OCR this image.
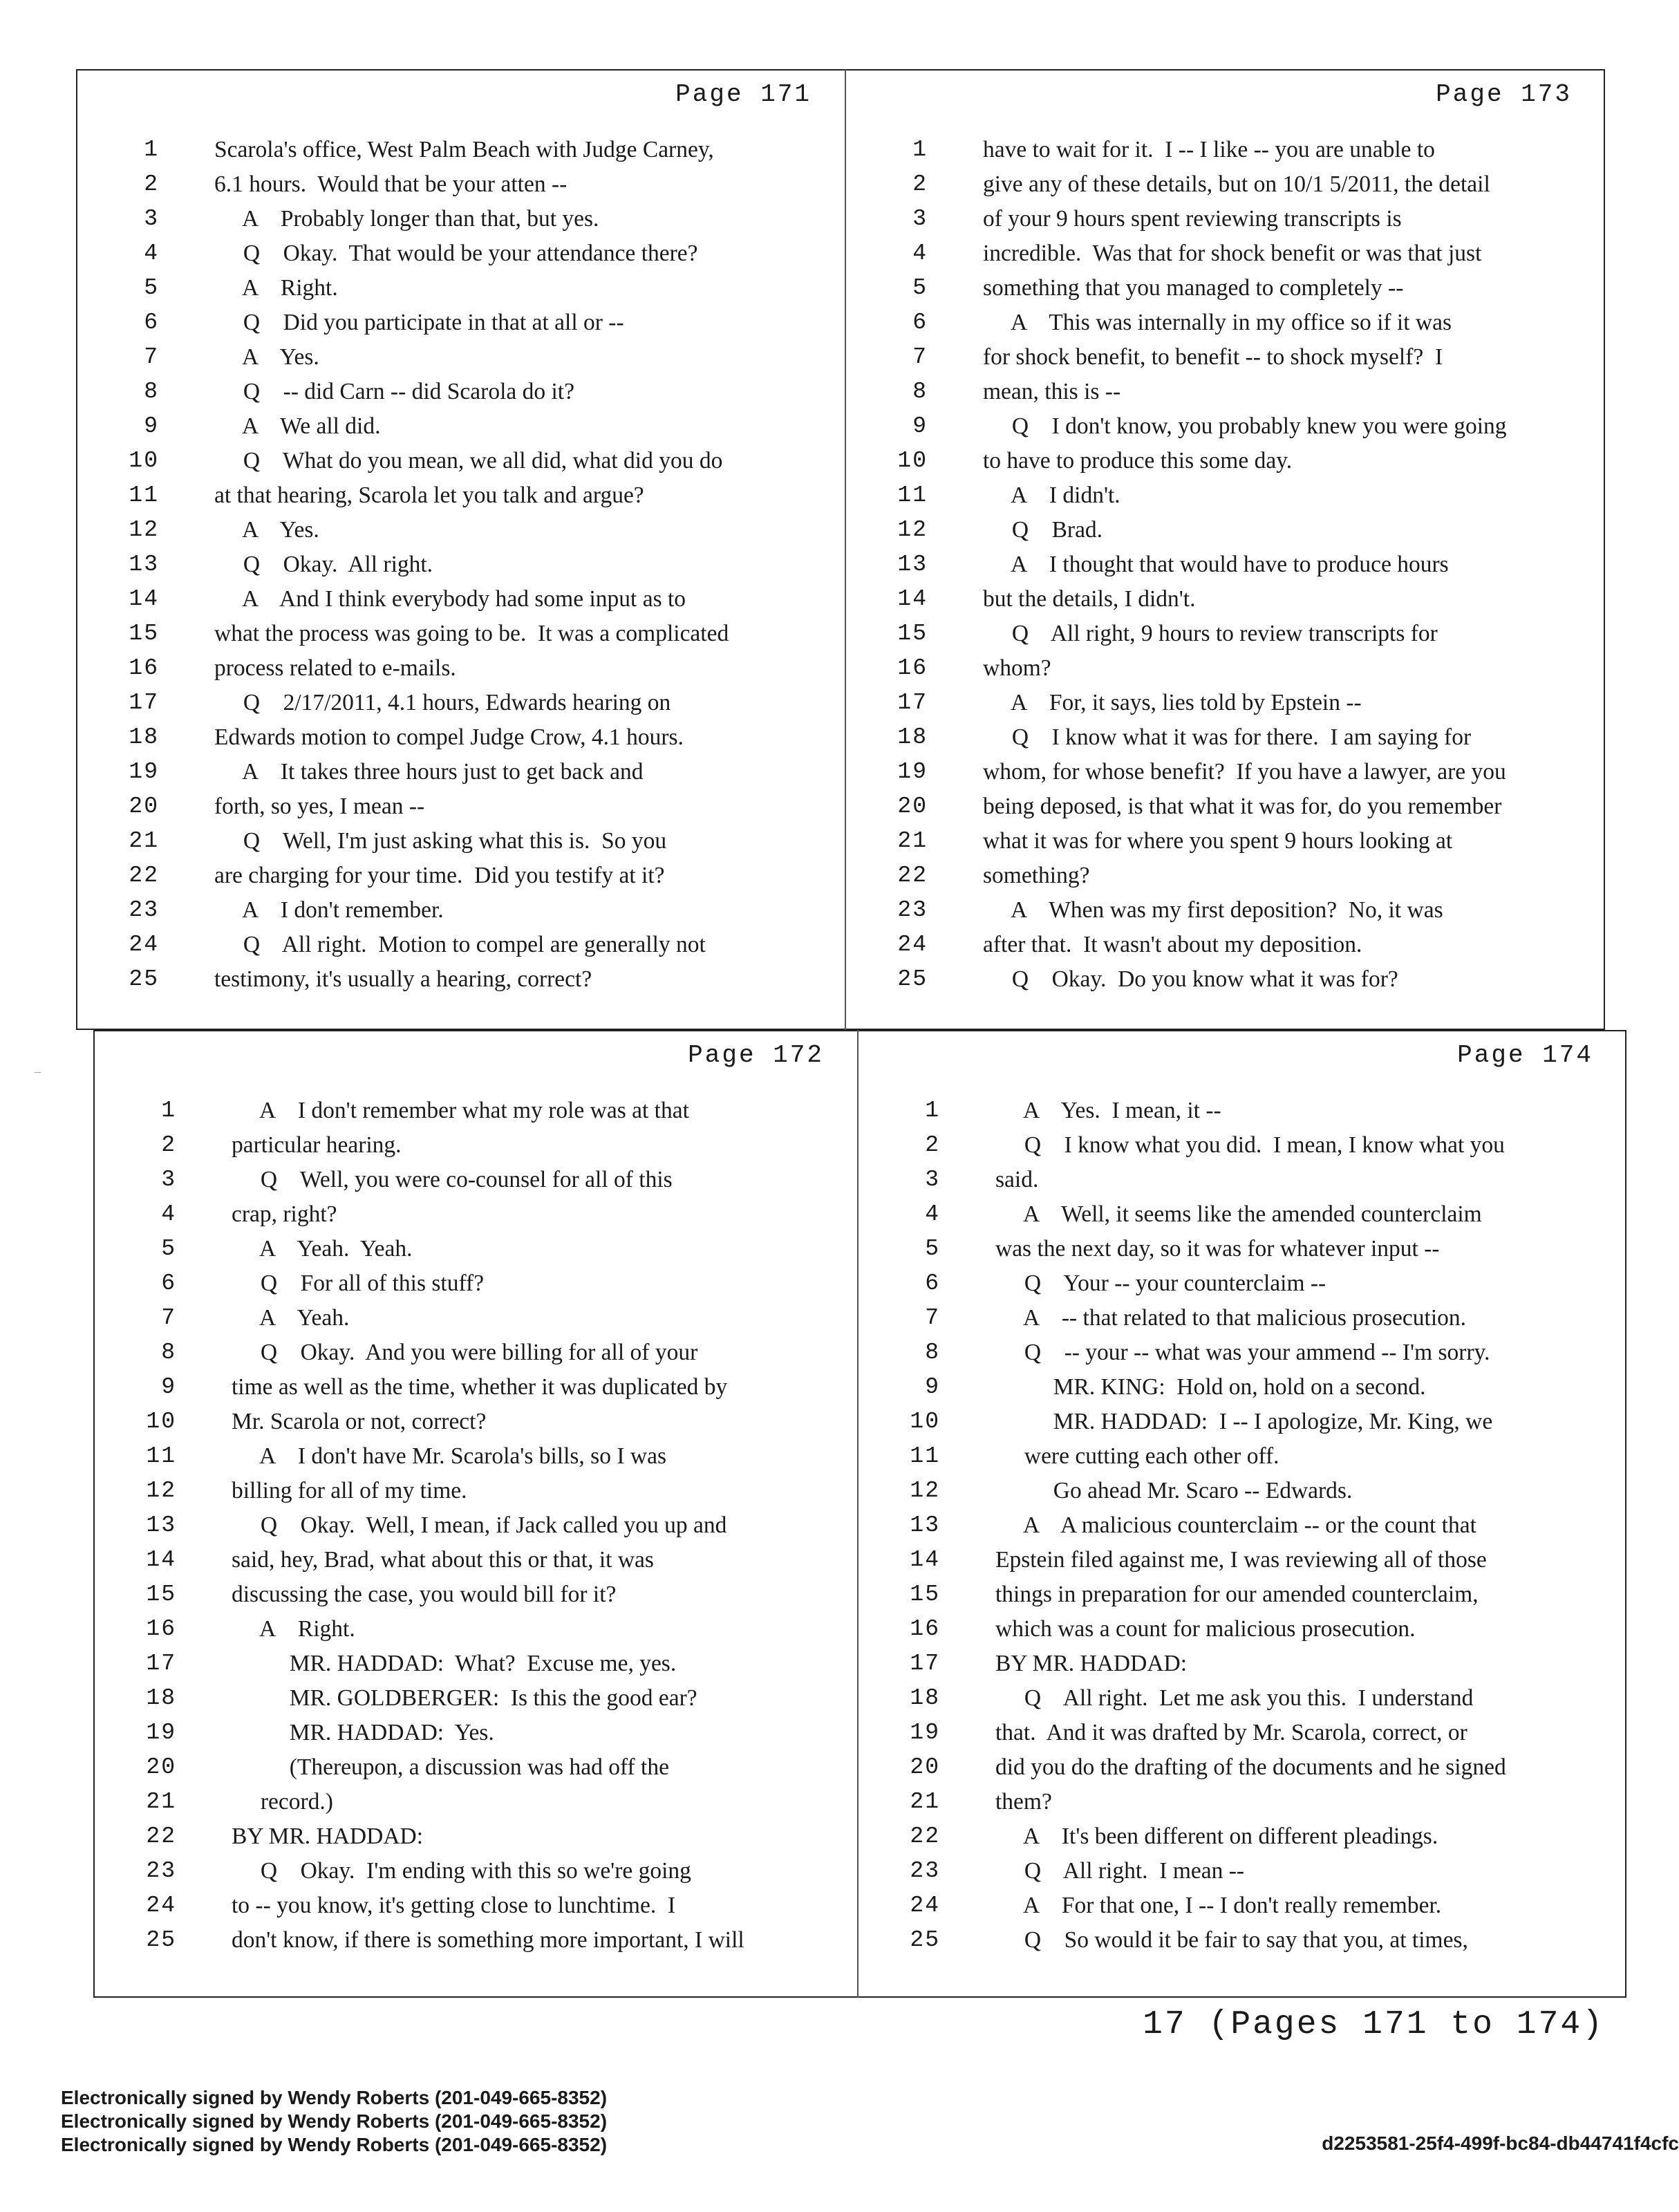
Page 171
1 Scarola's office, West Palm Beach with Judge Carney,
2 6.1 hours.  Would that be your atten --
3 A    Probably longer than that, but yes.
4 Q    Okay.  That would be your attendance there?
5 A    Right.
6 Q    Did you participate in that at all or --
7 A    Yes.
8 Q    -- did Carn -- did Scarola do it?
9 A    We all did.
10 Q    What do you mean, we all did, what did you do
11 at that hearing, Scarola let you talk and argue?
12 A    Yes.
13 Q    Okay.  All right.
14 A    And I think everybody had some input as to
15 what the process was going to be.  It was a complicated
16 process related to e-mails.
17 Q    2/17/2011, 4.1 hours, Edwards hearing on
18 Edwards motion to compel Judge Crow, 4.1 hours.
19 A    It takes three hours just to get back and
20 forth, so yes, I mean --
21 Q    Well, I'm just asking what this is.  So you
22 are charging for your time.  Did you testify at it?
23 A    I don't remember.
24 Q    All right.  Motion to compel are generally not
25 testimony, it's usually a hearing, correct?
Page 173
1 have to wait for it.  I -- I like -- you are unable to
2 give any of these details, but on 10/1 5/2011, the detail
3 of your 9 hours spent reviewing transcripts is
4 incredible.  Was that for shock benefit or was that just
5 something that you managed to completely --
6 A    This was internally in my office so if it was
7 for shock benefit, to benefit -- to shock myself?  I
8 mean, this is --
9 Q    I don't know, you probably knew you were going
10 to have to produce this some day.
11 A    I didn't.
12 Q    Brad.
13 A    I thought that would have to produce hours
14 but the details, I didn't.
15 Q    All right, 9 hours to review transcripts for
16 whom?
17 A    For, it says, lies told by Epstein --
18 Q    I know what it was for there.  I am saying for
19 whom, for whose benefit?  If you have a lawyer, are you
20 being deposed, is that what it was for, do you remember
21 what it was for where you spent 9 hours looking at
22 something?
23 A    When was my first deposition?  No, it was
24 after that.  It wasn't about my deposition.
25 Q    Okay.  Do you know what it was for?
Page 172
1 A    I don't remember what my role was at that
2 particular hearing.
3 Q    Well, you were co-counsel for all of this
4 crap, right?
5 A    Yeah.  Yeah.
6 Q    For all of this stuff?
7 A    Yeah.
8 Q    Okay.  And you were billing for all of your
9 time as well as the time, whether it was duplicated by
10 Mr. Scarola or not, correct?
11 A    I don't have Mr. Scarola's bills, so I was
12 billing for all of my time.
13 Q    Okay.  Well, I mean, if Jack called you up and
14 said, hey, Brad, what about this or that, it was
15 discussing the case, you would bill for it?
16 A    Right.
17 MR. HADDAD:  What?  Excuse me, yes.
18 MR. GOLDBERGER:  Is this the good ear?
19 MR. HADDAD:  Yes.
20 (Thereupon, a discussion was had off the
21 record.)
22 BY MR. HADDAD:
23 Q    Okay.  I'm ending with this so we're going
24 to -- you know, it's getting close to lunchtime.  I
25 don't know, if there is something more important, I will
Page 174
1 A    Yes.  I mean, it --
2 Q    I know what you did.  I mean, I know what you
3 said.
4 A    Well, it seems like the amended counterclaim
5 was the next day, so it was for whatever input --
6 Q    Your -- your counterclaim --
7 A    -- that related to that malicious prosecution.
8 Q    -- your -- what was your ammend -- I'm sorry.
9 MR. KING:  Hold on, hold on a second.
10 MR. HADDAD:  I -- I apologize, Mr. King, we
11 were cutting each other off.
12 Go ahead Mr. Scaro -- Edwards.
13 A    A malicious counterclaim -- or the count that
14 Epstein filed against me, I was reviewing all of those
15 things in preparation for our amended counterclaim,
16 which was a count for malicious prosecution.
17 BY MR. HADDAD:
18 Q    All right.  Let me ask you this.  I understand
19 that.  And it was drafted by Mr. Scarola, correct, or
20 did you do the drafting of the documents and he signed
21 them?
22 A    It's been different on different pleadings.
23 Q    All right.  I mean --
24 A    For that one, I -- I don't really remember.
25 Q    So would it be fair to say that you, at times,
17 (Pages 171 to 174)
Electronically signed by Wendy Roberts (201-049-665-8352)
Electronically signed by Wendy Roberts (201-049-665-8352)
Electronically signed by Wendy Roberts (201-049-665-8352)	d2253581-25f4-499f-bc84-db44741f4cfc
–
